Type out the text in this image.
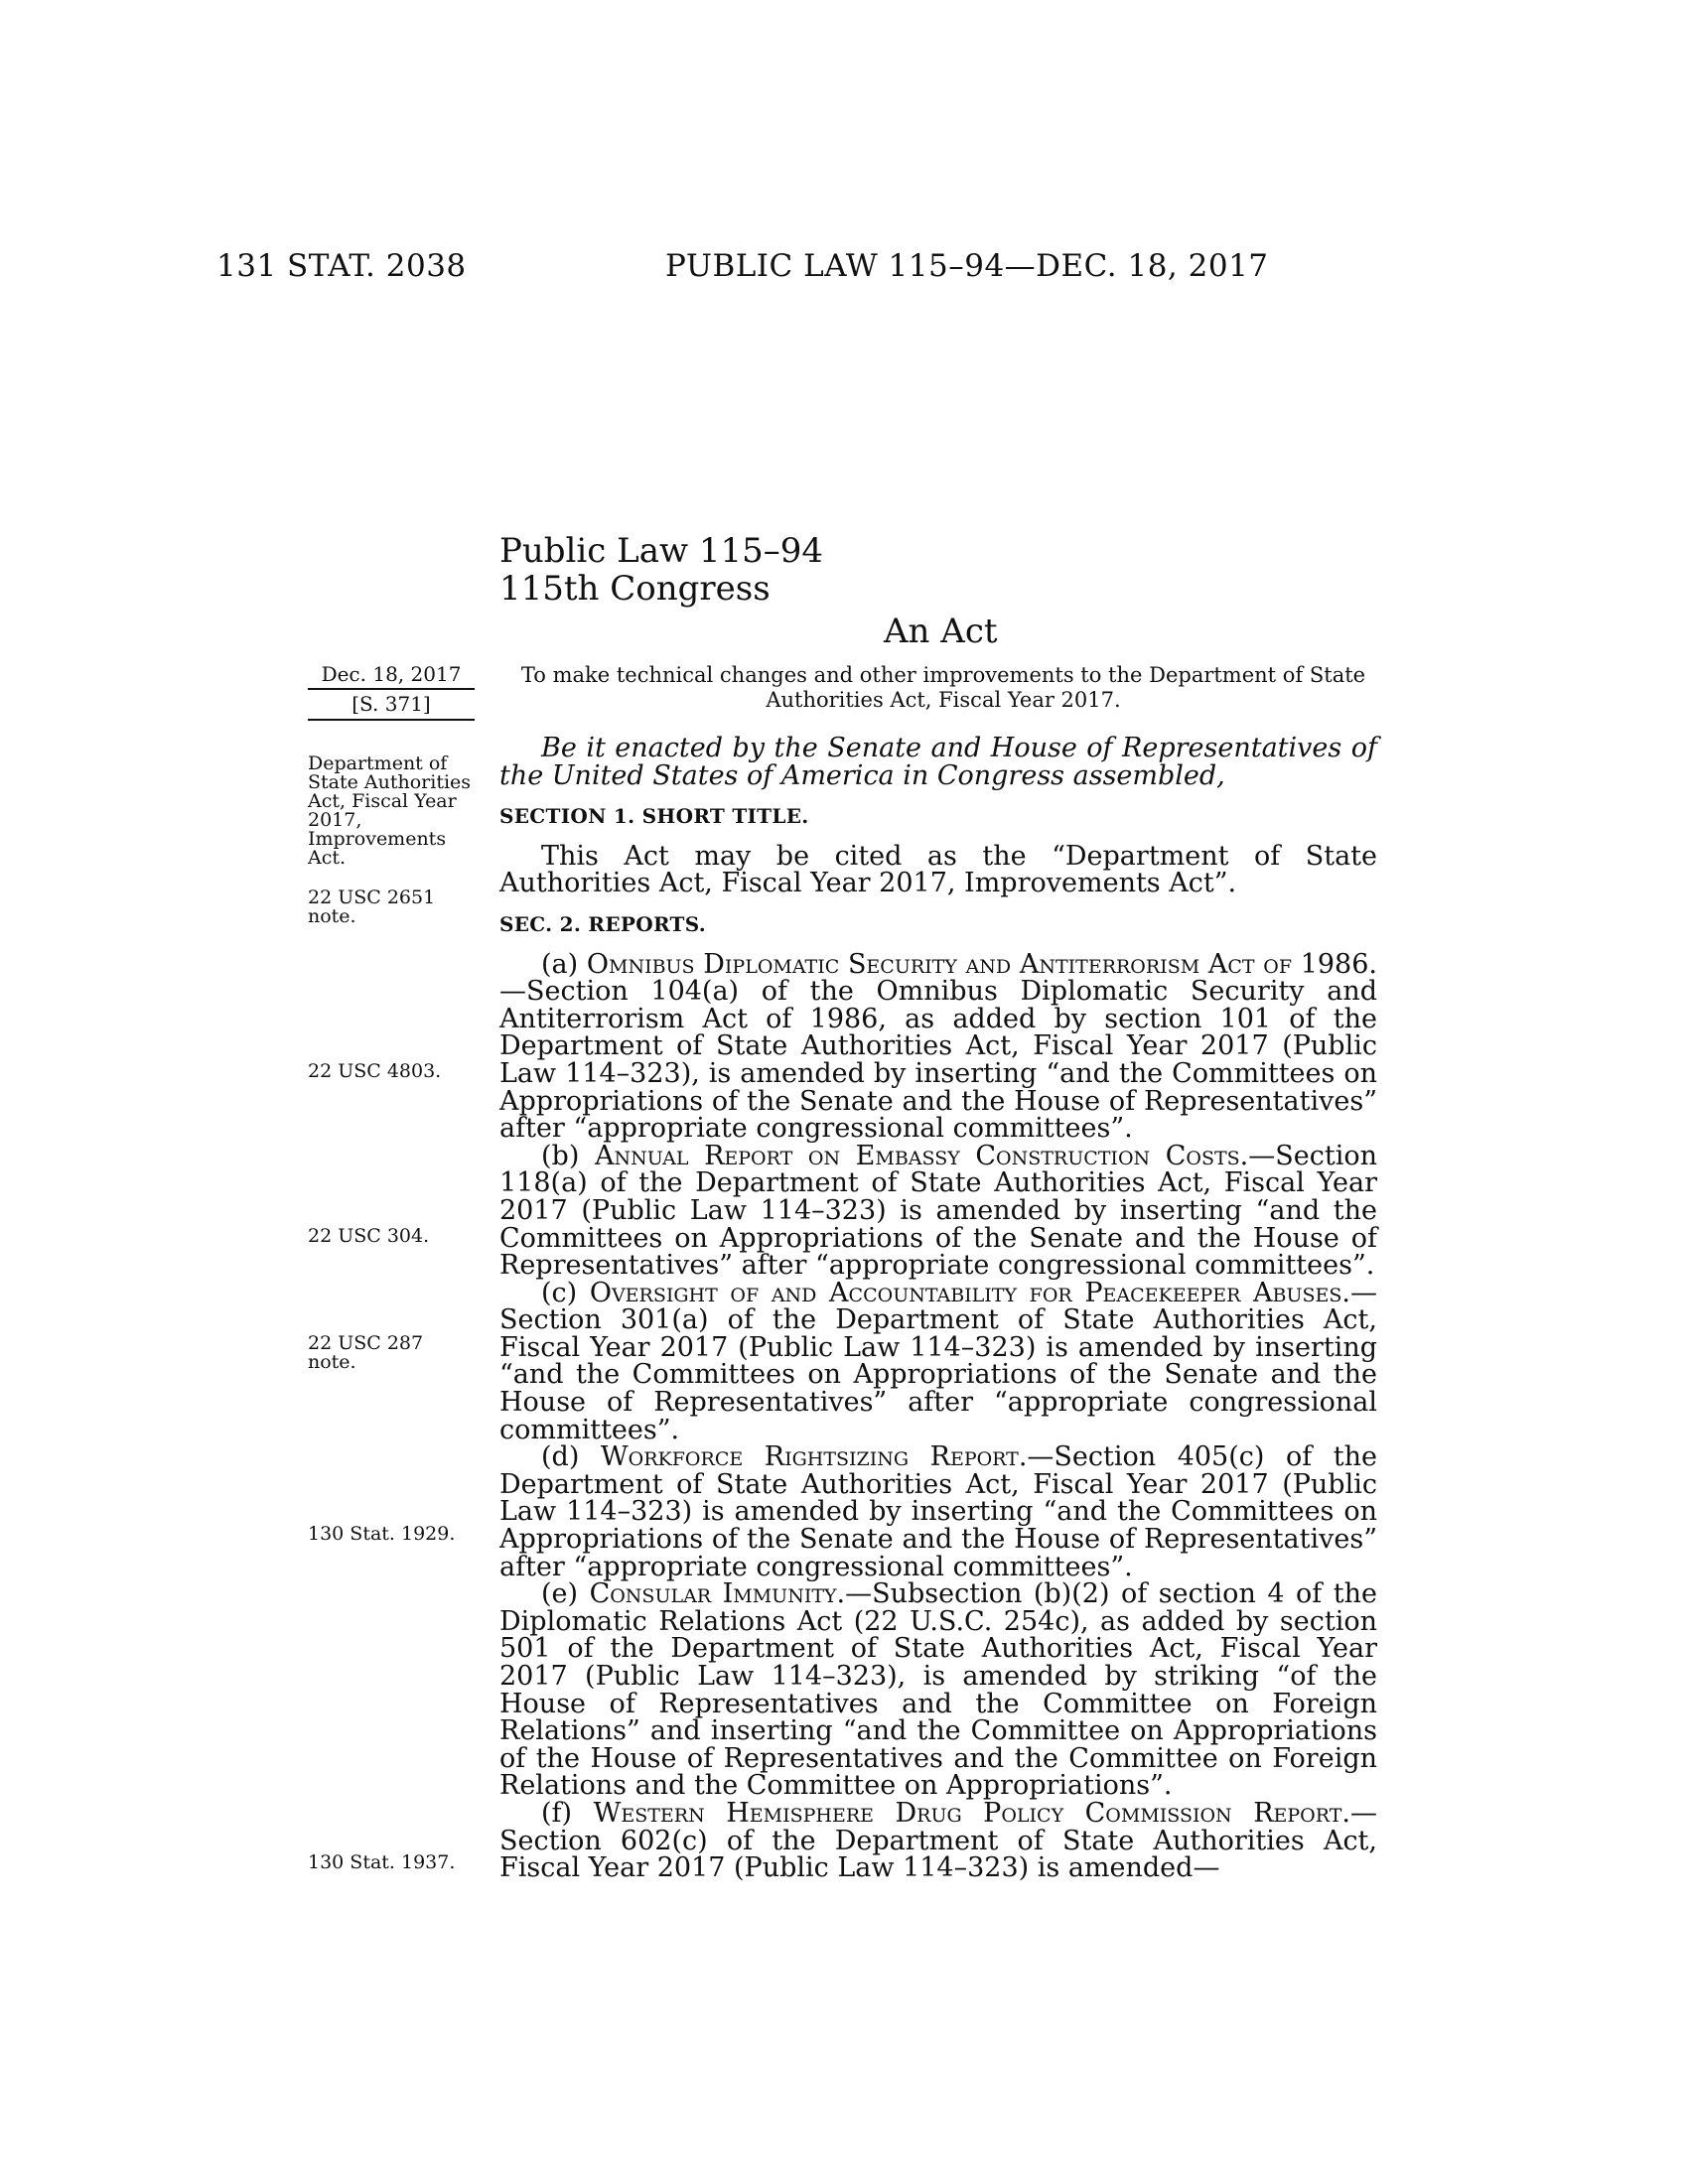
131 STAT. 2038	PUBLIC LAW 115–94—DEC. 18, 2017
Public Law 115–94
115th Congress
An Act
Dec. 18, 2017
[S. 371]
To make technical changes and other improvements to the Department of State Authorities Act, Fiscal Year 2017.
Department of State Authorities Act, Fiscal Year 2017, Improvements Act.
22 USC 2651 note.
22 USC 4803.
22 USC 304.
22 USC 287 note.
130 Stat. 1929.
130 Stat. 1937.

Be it enacted by the Senate and House of Representatives of the United States of America in Congress assembled,

SECTION 1. SHORT TITLE.

This Act may be cited as the “Department of State Authorities Act, Fiscal Year 2017, Improvements Act”.

SEC. 2. REPORTS.

(a) Omnibus Diplomatic Security and Antiterrorism Act of 1986.—Section 104(a) of the Omnibus Diplomatic Security and Antiterrorism Act of 1986, as added by section 101 of the Department of State Authorities Act, Fiscal Year 2017 (Public Law 114–323), is amended by inserting “and the Committees on Appropriations of the Senate and the House of Representatives” after “appropriate congressional committees”.

(b) Annual Report on Embassy Construction Costs.—Section 118(a) of the Department of State Authorities Act, Fiscal Year 2017 (Public Law 114–323) is amended by inserting “and the Committees on Appropriations of the Senate and the House of Representatives” after “appropriate congressional committees”.

(c) Oversight of and Accountability for Peacekeeper Abuses.—Section 301(a) of the Department of State Authorities Act, Fiscal Year 2017 (Public Law 114–323) is amended by inserting “and the Committees on Appropriations of the Senate and the House of Representatives” after “appropriate congressional committees”.

(d) Workforce Rightsizing Report.—Section 405(c) of the Department of State Authorities Act, Fiscal Year 2017 (Public Law 114–323) is amended by inserting “and the Committees on Appropriations of the Senate and the House of Representatives” after “appropriate congressional committees”.

(e) Consular Immunity.—Subsection (b)(2) of section 4 of the Diplomatic Relations Act (22 U.S.C. 254c), as added by section 501 of the Department of State Authorities Act, Fiscal Year 2017 (Public Law 114–323), is amended by striking “of the House of Representatives and the Committee on Foreign Relations” and inserting “and the Committee on Appropriations of the House of Representatives and the Committee on Foreign Relations and the Committee on Appropriations”.

(f) Western Hemisphere Drug Policy Commission Report.—Section 602(c) of the Department of State Authorities Act, Fiscal Year 2017 (Public Law 114–323) is amended—
